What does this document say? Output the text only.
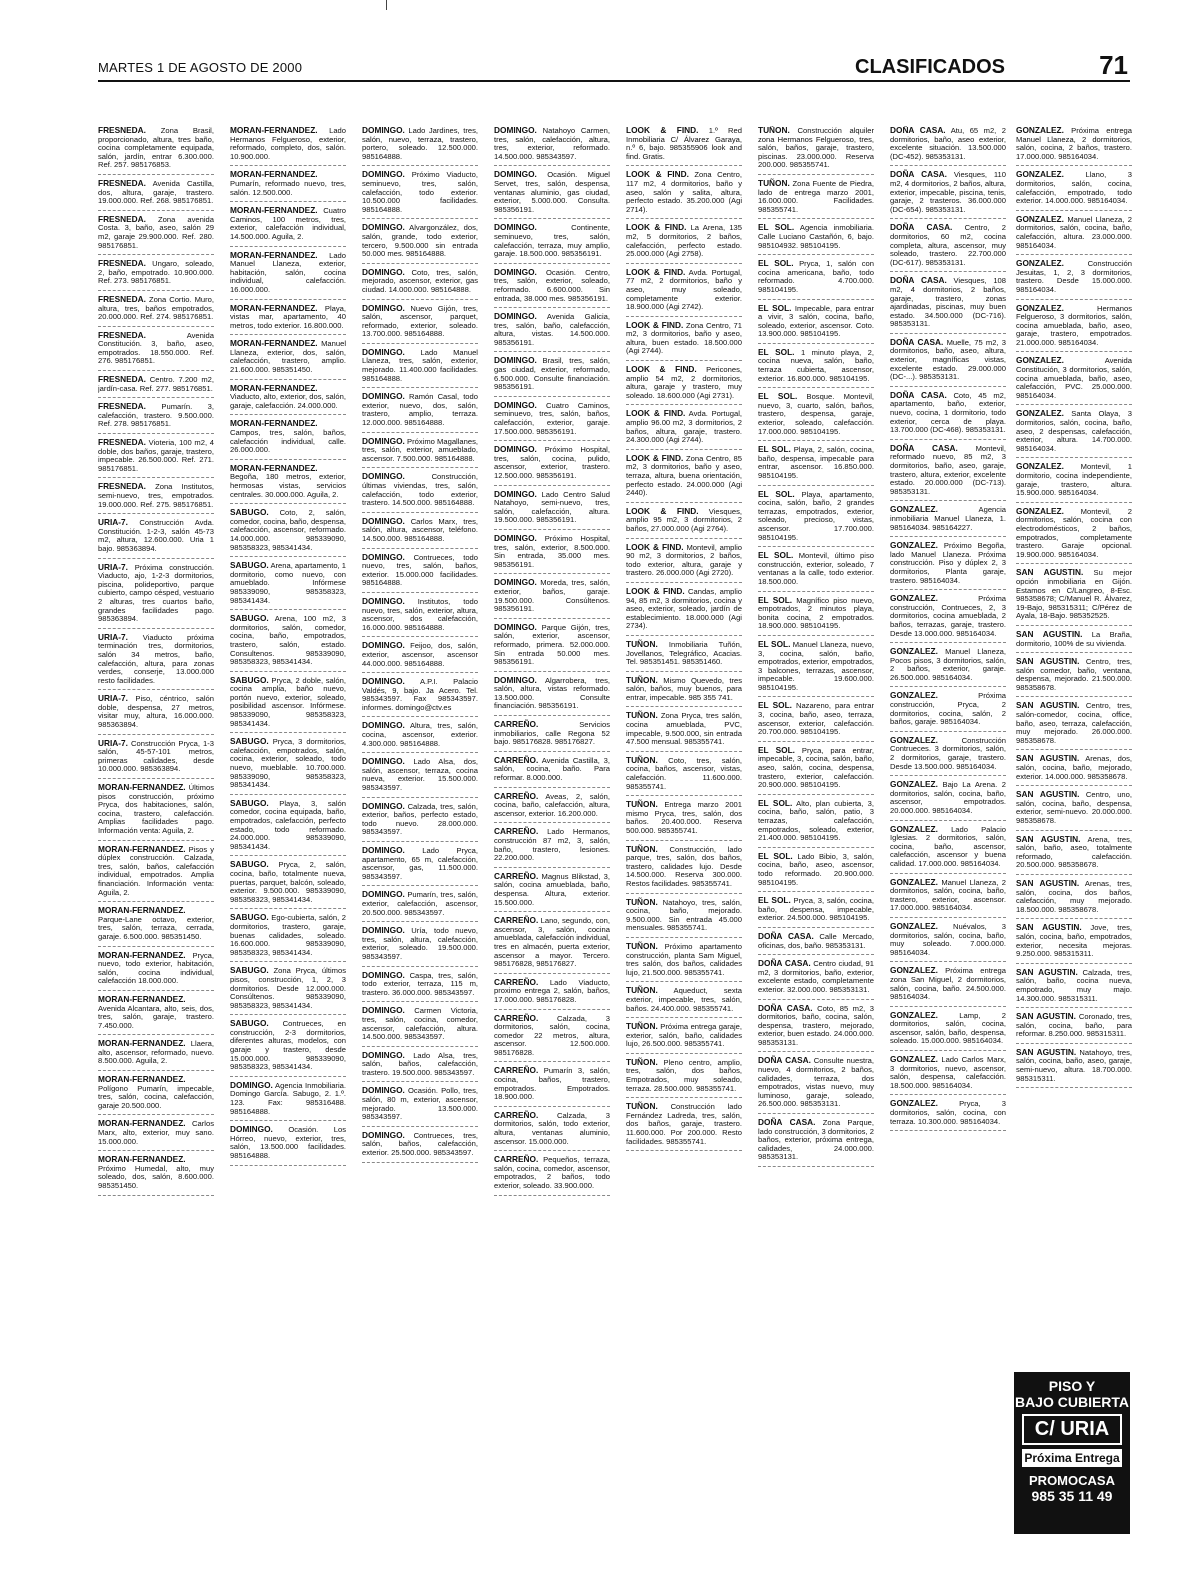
MARTES 1 DE AGOSTO DE 2000	CLASIFICADOS	71
FRESNEDA. Zona Brasil, proporcionado, altura, tres baño, cocina completamente equipada, salón, jardín, entrar 6.300.000. Ref. 257. 985176853.
FRESNEDA. Avenida Castilla, dos, altura, garaje, trastero. 19.000.000. Ref. 268. 985176851.
FRESNEDA. Zona avenida Costa. 3, baño, aseo, salón 29 m2, garaje 29.900.000. Ref. 280. 985176851.
FRESNEDA. Ungaro, soleado, 2, baño, empotrado. 10.900.000. Ref. 273. 985176851.
FRESNEDA. Zona Cortio. Muro, altura, tres, baños empotrados, 20.000.000. Ref. 274. 985176851.
FRESNEDA.	Avenida Constitución. 3, baño, aseo, empotrados. 18.550.000. Ref. 276. 985176851.
FRESNEDA. Centro. 7.200 m2, jardín-casa. Ref. 277. 985176851.
FRESNEDA. Pumarín. 3, calefacción, trastero. 9.500.000. Ref. 278. 985176851.
FRESNEDA. Vioteria, 100 m2, 4 doble, dos baños, garaje, trastero, impecable. 26.500.000. Ref. 271. 985176851.
FRESNEDA. Zona Institutos, semi-nuevo, tres, empotrados. 19.000.000. Ref. 275. 985176851.
URIA-7. Construcción Avda. Constitución. 1-2-3, salón 45-73 m2, altura, 12.600.000. Uria 1 bajo. 985363894.
URIA-7. Próxima construcción. Viaducto, ajo, 1-2-3 dormitorios, piscina, polideportivo, parque cubierto, campo césped, vestuario 2 alturas, tres cuartos baño, grandes facilidades pago. 985363894.
URIA-7. Viaducto próxima terminación tres, dormitorios, salón 34 metros, baño, calefacción, altura, para zonas verdes, conserje, 13.000.000 resto facilidades.
URIA-7. Piso, céntrico, salón doble, despensa, 27 metros, visitar muy, altura, 16.000.000. 985363894.
URIA-7. Construcción Pryca, 1-3 salón, 45-57-101 metros, primeras calidades, desde 10.000.000. 985363894.
MORAN-FERNANDEZ. Últimos pisos construcción, próximo Pryca, dos habitaciones, salón, cocina, trastero, calefacción. Amplias facilidades pago. Información venta: Aguila, 2.
MORAN-FERNANDEZ. Pisos y dúplex construcción. Calzada, tres, salón, baños, calefacción individual, empotrados. Amplia financiación. Información venta: Aguila, 2.
MORAN-FERNANDEZ. Parque-Lane octavo, exterior, tres, salón, terraza, cerrada, garaje. 6.500.000. 985351450.
MORAN-FERNANDEZ. Pryca, nuevo, todo exterior, habitación, salón, cocina individual, calefacción 18.000.000.
MORAN-FERNANDEZ. Avenida Alcantara, alto, seis, dos, tres, salón, garaje, trastero. 7.450.000.
MORAN-FERNANDEZ. Llaera, alto, ascensor, reformado, nuevo. 8.500.000. Aguila, 2.
MORAN-FERNANDEZ. Polígono Pumarín, impecable, tres, salón, cocina, calefacción, garaje 20.500.000.
MORAN-FERNANDEZ. Carlos Marx, alto, exterior, muy sano. 15.000.000.
MORAN-FERNANDEZ. Próximo Humedal, alto, muy soleado, dos, salón, 8.600.000. 985351450.
MORAN-FERNANDEZ. Lado Hermanos Felgueroso, exterior, reformado, completo, dos, salón. 10.900.000.
MORAN-FERNANDEZ. Pumarín, reformado nuevo, tres, salón. 12.500.000.
MORAN-FERNANDEZ. Cuatro Caminos, 100 metros, tres, exterior, calefacción individual, 14.500.000. Aguila, 2.
MORAN-FERNANDEZ. Lado Manuel Llaneza, exterior, habitación, salón, cocina individual, calefacción. 16.000.000.
MORAN-FERNANDEZ. Playa, vistas mar, apartamento, 40 metros, todo exterior. 16.800.000.
MORAN-FERNANDEZ. Manuel Llaneza, exterior, dos, salón, calefacción, trastero, amplio. 21.600.000. 985351450.
MORAN-FERNANDEZ. Viaducto, alto, exterior, dos, salón, garaje, calefacción. 24.000.000.
MORAN-FERNANDEZ. Campos, tres, salón, baños, calefacción individual, calle. 26.000.000.
MORAN-FERNANDEZ. Begoña, 180 metros, exterior, hermosas vistas, servicios centrales. 30.000.000. Aguila, 2.
SABUGO. Coto, 2, salón, comedor, cocina, baño, despensa, calefacción, ascensor, reformado. 14.000.000. 985339090, 985358323, 985341434.
SABUGO. Arena, apartamento, 1 dormitorio, como nuevo, con amueblado. Infórmese 985339090, 985358323, 985341434.
SABUGO. Arena, 100 m2, 3 dormitorios, salón, comedor, cocina, baño, empotrados, trastero, salón, estado. Consultenos. 985339090, 985358323, 985341434.
SABUGO. Pryca, 2 doble, salón, cocina amplia, baño nuevo, portón nuevo, exterior, soleado, posibilidad ascensor. Infórmese. 985339090, 985358323, 985341434.
SABUGO. Pryca, 3 dormitorios, calefacción, empotrados, salón, cocina, exterior, soleado, todo nuevo, mueblable. 10.700.000. 985339090, 985358323, 985341434.
SABUGO. Playa, 3, salón comedor, cocina equipada, baño, empotrados, calefacción, perfecto estado, todo reformado. 24.000.000. 985339090, 985341434.
SABUGO. Pryca, 2, salón, cocina, baño, totalmente nueva, puertas, parquet, balcón, soleado, exterior. 9.500.000. 985339090, 985358323, 985341434.
SABUGO. Ego-cubierta, salón, 2 dormitorios, trastero, garaje, buenas calidades, soleado. 16.600.000. 985339090, 985358323, 985341434.
SABUGO. Zona Pryca, últimos pisos, construcción, 1, 2, 3 dormitorios. Desde 12.000.000. Consúltenos. 985339090, 985358323, 985341434.
SABUGO. Contrueces, en construcción, 2-3 dormitorios, diferentes alturas, modelos, con garaje y trastero, desde 15.000.000. 985339090, 985358323, 985341434.
DOMINGO. Agencia Inmobiliaria. Domingo García. Sabugo, 2. 1.º. 123. Fax: 985316488. 985164888.
DOMINGO. Ocasión. Los Hórreo, nuevo, exterior, tres, salón, 13.500.000 facilidades. 985164888.
DOMINGO. Lado Jardines, tres, salón, nuevo, terraza, trastero, portero, soleado. 12.500.000. 985164888.
DOMINGO. Próximo Viaducto, seminuevo, tres, salón, calefacción, todo exterior. 10.500.000 facilidades. 985164888.
DOMINGO. Alvargonzález, dos, salón, grande, todo exterior, tercero, 9.500.000 sin entrada 50.000 mes. 985164888.
DOMINGO. Coto, tres, salón, mejorado, ascensor, exterior, gas ciudad. 14.000.000. 985164888.
DOMINGO. Nuevo Gijón, tres, salón, ascensor, parquet, reformado, exterior, soleado. 13.700.000. 985164888.
DOMINGO. Lado Manuel Llaneza, tres, salón, exterior, mejorado. 11.400.000 facilidades. 985164888.
DOMINGO. Ramón Casal, todo exterior, nuevo, dos, salón, trastero, amplio, terraza. 12.000.000. 985164888.
DOMINGO. Próximo Magallanes, tres, salón, exterior, amueblado, ascensor. 7.500.000. 985164888.
DOMINGO.	Construcción, últimas viviendas, tres, salón, calefacción, todo exterior, trastero. 14.500.000. 985164888.
DOMINGO. Carlos Marx, tres, salón, altura, ascensor, teléfono. 14.500.000. 985164888.
DOMINGO. Contrueces, todo nuevo, tres, salón, baños, exterior. 15.000.000 facilidades. 985164888.
DOMINGO. Institutos, todo nuevo, tres, salón, exterior, altura, ascensor, dos calefacción, 16.000.000. 985164888.
DOMINGO. Feijoo, dos, salón, exterior, ascensor, ascensor 44.000.000. 985164888.
DOMINGO. A.P.I. Palacio Valdés, 9, bajo. Ja Acero. Tel. 985343597. Fax 985343597. informes. domingo@ctv.es
DOMINGO. Altura, tres, salón, cocina, ascensor, exterior. 4.300.000. 985164888.
DOMINGO. Lado Alsa, dos, salón, ascensor, terraza, cocina nueva, exterior. 15.500.000. 985343597.
DOMINGO. Calzada, tres, salón, exterior, baños, perfecto estado, todo nuevo. 28.000.000. 985343597.
DOMINGO. Lado Pryca, apartamento, 65 m, calefacción, ascensor, gas, 11.500.000. 985343597.
DOMINGO. Pumarín, tres, salón, exterior, calefacción, ascensor, 20.500.000. 985343597.
DOMINGO. Uría, todo nuevo, tres, salón, altura, calefacción, exterior, soleado. 19.500.000. 985343597.
DOMINGO. Caspa, tres, salón, todo exterior, terraza, 115 m, trastero. 36.000.000. 985343597.
DOMINGO. Carmen Victoria, tres, salón, cocina, comedor, ascensor, calefacción, altura. 14.500.000. 985343597.
DOMINGO. Lado Alsa, tres, salón, baños, calefacción, trastero. 19.500.000. 985343597.
DOMINGO. Ocasión. Pollo, tres, salón, 80 m, exterior, ascensor, mejorado. 13.500.000. 985343597.
DOMINGO. Contrueces, tres, salón, baños, calefacción, exterior. 25.500.000. 985343597.
DOMINGO. Natahoyo Carmen, tres, salón, calefacción, altura, tres, exterior, reformado. 14.500.000. 985343597.
DOMINGO. Ocasión. Miguel Servet, tres, salón, despensa, ventanas aluminio, gas ciudad, exterior, 5.000.000. Consulta. 985356191.
DOMINGO.	Continente, seminuevo, tres, salón, calefacción, terraza, muy amplio, garaje. 18.500.000. 985356191.
DOMINGO. Ocasión. Centro, tres, salón, exterior, soleado, reformado. 6.600.000. Sin entrada, 38.000 mes. 985356191.
DOMINGO. Avenida Galicia, tres, salón, baño, calefacción, altura, vistas. 14.500.000. 985356191.
DOMINGO. Brasil, tres, salón, gas ciudad, exterior, reformado, 6.500.000. Consulte financiación. 985356191.
DOMINGO. Cuatro Caminos, seminuevo, tres, salón, baños, calefacción, exterior, garaje. 17.500.000. 985356191.
DOMINGO. Próximo Hospital, tres, salón, cocina, pulido, ascensor, exterior, trastero. 12.500.000. 985356191.
DOMINGO. Lado Centro Salud Natahoyo, semi-nuevo, tres, salón, calefacción, altura. 19.500.000. 985356191.
DOMINGO. Próximo Hospital, tres, salón, exterior, 8.500.000. Sin entrada, 35.000 mes. 985356191.
DOMINGO. Moreda, tres, salón, exterior, baños, garaje. 19.500.000. Consúltenos. 985356191.
DOMINGO. Parque Gijón, tres, salón, exterior, ascensor, reformado, primera. 52.000.000. Sin entrada 50.000 mes. 985356191.
DOMINGO. Algarrobera, tres, salón, altura, vistas reformado. 13.500.000. Consulte financiación. 985356191.
CARREÑO.	Servicios inmobiliarios, calle Regona 52 bajo. 985176828. 985176827.
CARREÑO. Avenida Castilla, 3, salón, cocina, baño. Para reformar. 8.000.000.
CARREÑO. Aveas, 2, salón, cocina, baño, calefacción, altura, ascensor, exterior. 16.200.000.
CARREÑO. Lado Hermanos, construcción 87 m2, 3, salón, baño, trastero, lesiones. 22.200.000.
CARREÑO. Magnus Blikstad, 3, salón, cocina amueblada, baño, despensa. Altura, exterior. 15.500.000.
CARREÑO. Lano, segundo, con, ascensor, 3, salón, cocina amueblada, calefacción individual, tres en almacén, puerta exterior, ascensor a mayor. Tercero. 985176828, 985176827.
CARREÑO. Lado Viaducto, proximo entrega 2, salón, baños, 17.000.000. 985176828.
CARREÑO. Calzada, 3 dormitorios, salón, cocina, comedor 22 metros, altura, ascensor. 12.500.000. 985176828.
CARREÑO. Pumarín 3, salón, cocina, baños, trastero, empotrados. Empotrados. 18.900.000.
CARREÑO. Calzada, 3 dormitorios, salón, todo exterior, altura, ventanas aluminio, ascensor. 15.000.000.
CARREÑO. Pequeños, terraza, salón, cocina, comedor, ascensor, empotrados, 2 baños, todo exterior, soleado. 33.900.000.
LOOK & FIND. 1.º Red Inmobiliaria C/ Álvarez Garaya, n.º 6, bajo. 985355906 look and find. Gratis.
LOOK & FIND. Zona Centro, 117 m2, 4 dormitorios, baño y aseo, salón y salita, altura, perfecto estado. 35.200.000 (Agi 2714).
LOOK & FIND. La Arena, 135 m2, 5 dormitorios, 2 baños, calefacción, perfecto estado. 25.000.000 (Agi 2758).
LOOK & FIND. Avda. Portugal, 77 m2, 2 dormitorios, baño y aseo, muy soleado, completamente exterior. 18.900.000 (Agi 2742).
LOOK & FIND. Zona Centro, 71 m2, 3 dormitorios, baño y aseo, altura, buen estado. 18.500.000 (Agi 2744).
LOOK & FIND. Pericones, amplio 54 m2, 2 dormitorios, altura, garaje y trastero, muy soleado. 18.600.000 (Agi 2731).
LOOK & FIND. Avda. Portugal, amplio 96.00 m2, 3 dormitorios, 2 baños, altura, garaje, trastero. 24.300.000 (Agi 2744).
LOOK & FIND. Zona Centro, 85 m2, 3 dormitorios, baño y aseo, terraza, altura, buena orientación, perfecto estado. 24.000.000 (Agi 2440).
LOOK & FIND. Viesques, amplio 95 m2, 3 dormitorios, 2 baños, 27.000.000 (Agi 2764).
LOOK & FIND. Montevil, amplio 90 m2, 3 dormitorios, 2 baños, todo exterior, altura, garaje y trastero. 26.000.000 (Agi 2720).
LOOK & FIND. Candas, amplio 94, 85 m2, 3 dormitorios, cocina y aseo, exterior, soleado, jardín de establecimiento. 18.000.000 (Agi 2734).
TUÑON. Inmobiliaria Tuñón, Jovellanos, Telegráfico, Acacias. Tel. 985351451. 985351460.
TUÑON. Mismo Quevedo, tres salón, baños, muy buenos, para entrar, impecable. 985 355 741.
TUÑON. Zona Pryca, tres salón, cocina amueblada, PVC, impecable, 9.500.000, sin entrada 47.500 mensual. 985355741.
TUÑON. Coto, tres, salón, cocina, baños, ascensor, vistas, calefacción. 11.600.000. 985355741.
TUÑON. Entrega marzo 2001 mismo Pryca, tres, salón, dos baños. 20.400.000. Reserva 500.000. 985355741.
TUÑON. Construcción, lado parque, tres, salón, dos baños, trastero, calidades lujo. Desde 14.500.000. Reserva 300.000. Restos facilidades. 985355741.
TUÑON. Natahoyo, tres, salón, cocina, baño, mejorado. 9.500.000. Sin entrada 45.000 mensuales. 985355741.
TUÑON. Próximo apartamento construcción, planta Sam Miguel, tres salón, dos baños, calidades lujo, 21.500.000. 985355741.
TUÑON. Aqueduct, sexta exterior, impecable, tres, salón, baños. 24.400.000. 985355741.
TUÑON. Próxima entrega garaje, exterior, salón, baño, calidades lujo, 26.500.000. 985355741.
TUÑON. Pleno centro, amplio, tres, salón, dos baños, Empotrados, muy soleado, terraza. 28.500.000. 985355741.
TUÑON. Construcción lado Fernández Ladreda, tres, salón, dos baños, garaje, trastero. 11.600.000. Por 200.000. Resto facilidades. 985355741.
TUÑON. Construcción alquiler zona Hermanos Felgueroso, tres, salón, baños, garaje, trastero, piscinas. 23.000.000. Reserva 200.000. 985355741.
TUÑON. Zona Fuente de Piedra, lado de entrega marzo 2001, 16.000.000. Facilidades. 985355741.
EL SOL. Agencia inmobiliaria. Calle Luciano Castañón, 6, bajo. 985104932. 985104195.
EL SOL. Pryca, 1, salón con cocina americana, baño, todo reformado. 4.700.000. 985104195.
EL SOL. Impecable, para entrar a vivir, 3 salón, cocina, baño, soleado, exterior, ascensor. Coto. 13.900.000. 985104195.
EL SOL. 1 minuto playa, 2, cocina nueva, salón, baño, terraza cubierta, ascensor, exterior. 16.800.000. 985104195.
EL SOL. Bosque. Montevil, nuevo, 3, cuarto, salón, baños, trastero, despensa, garaje, exterior, soleado, calefacción. 17.000.000. 985104195.
EL SOL. Playa, 2, salón, cocina, baño, despensa, impecable para entrar, ascensor. 16.850.000. 985104195.
EL SOL. Playa, apartamento, cocina, salón, baño, 2 grandes terrazas, empotrados, exterior, soleado, precioso, vistas, ascensor. 17.700.000. 985104195.
EL SOL. Montevil, último piso construcción, exterior, soleado, 7 ventanas a la calle, todo exterior. 18.500.000.
EL SOL. Magnífico piso nuevo, empotrados, 2 minutos playa, bonita cocina, 2 empotrados. 18.900.000. 985104195.
EL SOL. Manuel Llaneza, nuevo, 3, cocina, salón, baño, empotrados, exterior, empotrados, 3 balcones, terrazas, ascensor, impecable. 19.600.000. 985104195.
EL SOL. Nazareno, para entrar 3, cocina, baño, aseo, terraza, ascensor, exterior, calefacción. 20.700.000. 985104195.
EL SOL. Pryca, para entrar, impecable, 3, cocina, salón, baño, aseo, salón, cocina, despensa, trastero, exterior, calefacción. 20.900.000. 985104195.
EL SOL. Alto, plan cubierta, 3, cocina, baño, salón, patio, 3 terrazas, calefacción, empotrados, soleado, exterior, 21.400.000. 985104195.
EL SOL. Lado Bibio, 3, salón, cocina, baño, aseo, ascensor, todo reformado. 20.900.000. 985104195.
EL SOL. Pryca, 3, salón, cocina, baño, despensa, impecable, exterior. 24.500.000. 985104195.
DOÑA CASA. Calle Mercado, oficinas, dos, baño. 985353131.
DOÑA CASA. Centro ciudad, 91 m2, 3 dormitorios, baño, exterior, excelente estado, completamente exterior. 32.000.000. 985353131.
DOÑA CASA. Coto, 85 m2, 3 dormitorios, baño, cocina, salón, despensa, trastero, mejorado, exterior, buen estado. 24.000.000. 985353131.
DOÑA CASA. Consulte nuestra, nuevo, 4 dormitorios, 2 baños, calidades, terraza, dos empotrados, vistas nuevo, muy luminoso, garaje, soleado, 26.500.000. 985353131.
DOÑA CASA. Zona Parque, lado construcción, 3 dormitorios, 2 baños, exterior, próxima entrega, calidades, 24.000.000. 985353131.
DOÑA CASA. Atu, 65 m2, 2 dormitorios, baño, aseo exterior, excelente situación. 13.500.000 (DC-452). 985353131.
DOÑA CASA. Viesques, 110 m2, 4 dormitorios, 2 baños, altura, exterior, impecable, piscina, tenis, garaje, 2 trasteros. 36.000.000 (DC-654). 985353131.
DOÑA CASA. Centro, 2 dormitorios, 60 m2, cocina completa, altura, ascensor, muy soleado, trastero. 22.700.000 (DC-617). 985353131.
DOÑA CASA. Viesques, 108 m2, 4 dormitorios, 2 baños, garaje, trastero, zonas ajardinadas, piscinas, muy buen estado. 34.500.000 (DC-716). 985353131.
DOÑA CASA. Muelle, 75 m2, 3 dormitorios, baño, aseo, altura, exterior, magníficas vistas, excelente estado. 29.000.000 (DC-...). 985353131.
DOÑA CASA. Coto, 45 m2, apartamento, baño, exterior, nuevo, cocina, 1 dormitorio, todo exterior, cerca de playa. 13.700.000 (DC-468). 985353131.
DOÑA CASA. Montevil, reformado nuevo, 85 m2, 3 dormitorios, baño, aseo, garaje, trastero, altura, exterior, excelente estado. 20.000.000 (DC-713). 985353131.
GONZALEZ.	Agencia inmobiliaria Manuel Llaneza, 1. 985164034. 985164227.
GONZALEZ. Próximo Begoña, lado Manuel Llaneza. Próxima construcción. Piso y dúplex 2, 3 dormitorios, Planta garaje, trastero. 985164034.
GONZALEZ.	Próxima construcción, Contrueces, 2, 3 dormitorios, cocina amueblada, 2 baños, terrazas, garaje, trastero. Desde 13.000.000. 985164034.
GONZALEZ. Manuel Llaneza, Pocos pisos, 3 dormitorios, salón, 2 baños, exterior, garaje. 26.500.000. 985164034.
GONZALEZ.	Próxima construcción, Pryca, 2 dormitorios, cocina, salón, 2 baños, garaje. 985164034.
GONZALEZ.	Construcción Contrueces. 3 dormitorios, salón, 2 dormitorios, garaje, trastero. Desde 13.500.000. 985164034.
GONZALEZ. Bajo La Arena. 2 dormitorios, salón, cocina, baño, ascensor, empotrados. 20.000.000. 985164034.
GONZALEZ. Lado Palacio Iglesias. 2 dormitorios, salón, cocina, baño, ascensor, calefacción, ascensor y buena calidad. 17.000.000. 985164034.
GONZALEZ. Manuel Llaneza, 2 dormitorios, salón, cocina, baño, trastero, exterior, ascensor. 17.000.000. 985164034.
GONZALEZ. Nuévalos, 3 dormitorios, salón, cocina, baño, muy soleado. 7.000.000. 985164034.
GONZALEZ. Próxima entrega zona San Miguel, 2 dormitorios, salón, cocina, baño. 24.500.000. 985164034.
GONZALEZ.	Lamp, 2 dormitorios, salón, cocina, ascensor, salón, baño, despensa, soleado. 15.000.000. 985164034.
GONZALEZ. Lado Carlos Marx, 3 dormitorios, nuevo, ascensor, salón, despensa, calefacción. 18.500.000. 985164034.
GONZALEZ.	Pryca, 3 dormitorios, salón, cocina, con terraza. 10.300.000. 985164034.
GONZALEZ. Próxima entrega Manuel Llaneza, 2 dormitorios, salón, cocina, 2 baños, trastero. 17.000.000. 985164034.
GONZALEZ.	Llano, 3 dormitorios, salón, cocina, calefacción, empotrado, todo exterior. 14.000.000. 985164034.
GONZALEZ. Manuel Llaneza, 2 dormitorios, salón, cocina, baño, calefacción, altura. 23.000.000. 985164034.
GONZALEZ.	Construcción Jesuitas, 1, 2, 3 dormitorios, trastero. Desde 15.000.000. 985164034.
GONZALEZ.	Hermanos Felgueroso, 3 dormitorios, salón, cocina amueblada, baño, aseo, garaje, trastero, empotrados. 21.000.000. 985164034.
GONZALEZ.	Avenida Constitución, 3 dormitorios, salón, cocina amueblada, baño, aseo, calefacción, PVC. 25.000.000. 985164034.
GONZALEZ. Santa Olaya, 3 dormitorios, salón, cocina, baño, aseo, 2 despensas, calefacción, exterior, altura. 14.700.000. 985164034.
GONZALEZ. Montevil, 1 dormitorio, cocina independiente, garaje, trastero, altura. 15.900.000. 985164034.
GONZALEZ. Montevil, 2 dormitorios, salón, cocina con electrodomésticos, 2 baños, empotrados, completamente trastero. Garaje opcional. 19.900.000. 985164034.
SAN AGUSTIN. Su mejor opción inmobiliaria en Gijón. Estamos en C/Langreo, 8-Esc. 985358678; C/Manuel R. Álvarez, 19-Bajo, 985315311; C/Pérez de Ayala, 18-Bajo. 985352525.
SAN AGUSTIN. La Braña, dormitorio, 100% de su vivienda.
SAN AGUSTIN. Centro, tres, salón comedor, baño, ventana, despensa, mejorado. 21.500.000. 985358678.
SAN AGUSTIN. Centro, tres, salón-comedor, cocina, office, baño, aseo, terraza, calefacción, muy mejorado. 26.000.000. 985358678.
SAN AGUSTIN. Arenas, dos, salón, cocina, baño, mejorado, exterior. 14.000.000. 985358678.
SAN AGUSTIN. Centro, uno, salón, cocina, baño, despensa, exterior, semi-nuevo. 20.000.000. 985358678.
SAN AGUSTIN. Arena, tres, salón, baño, aseo, totalmente reformado, calefacción. 20.500.000. 985358678.
SAN AGUSTIN. Arenas, tres, salón, cocina, dos baños, calefacción, muy mejorado. 18.500.000. 985358678.
SAN AGUSTIN. Jove, tres, salón, cocina, baño, empotrados, exterior, necesita mejoras. 9.250.000. 985315311.
SAN AGUSTIN. Calzada, tres, salón, baño, cocina nueva, empotrado, muy majo. 14.300.000. 985315311.
SAN AGUSTIN. Coronado, tres, salón, cocina, baño, para reformar. 8.250.000. 985315311.
SAN AGUSTIN. Natahoyo, tres, salón, cocina, baño, aseo, garaje, semi-nuevo, altura. 18.700.000. 985315311.
PISO Y
BAJO CUBIERTA
C/ URIA
Próxima Entrega
PROMOCASA
985 35 11 49
